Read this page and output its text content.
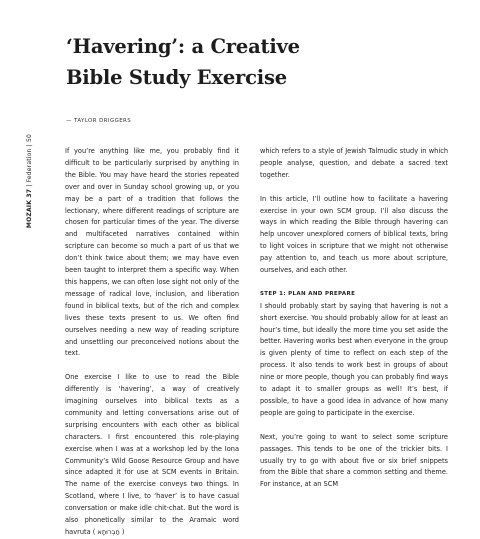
‘Havering’: a Creative
Bible Study Exercise
— TAYLOR DRIGGERS
MOZAIK 37 | Federation | 50

If you’re anything like me, you probably find it difficult to be particularly surprised by anything in the Bible. You may have heard the stories repeated over and over in Sunday school growing up, or you may be a part of a tradition that follows the lectionary, where different readings of scripture are chosen for particular times of the year. The diverse and multifaceted narratives contained within scripture can become so much a part of us that we don’t think twice about them; we may have even been taught to interpret them a specific way. When this happens, we can often lose sight not only of the message of radical love, inclusion, and liberation found in biblical texts, but of the rich and complex lives these texts present to us. We often find ourselves needing a new way of reading scripture and unsettling our preconceived notions about the text.

One exercise I like to use to read the Bible differently is ‘havering’, a way of creatively imagining ourselves into biblical texts as a community and letting conversations arise out of surprising encounters with each other as biblical characters. I first encountered this role-playing exercise when I was at a workshop led by the Iona Community’s Wild Goose Resource Group and have since adapted it for use at SCM events in Britain. The name of the exercise conveys two things. In Scotland, where I live, to ‘haver’ is to have casual conversation or make idle chit-chat. But the word is also phonetically similar to the Aramaic word havruta ( חַבְרוּתָא )

which refers to a style of Jewish Talmudic study in which people analyse, question, and debate a sacred text together.

In this article, I’ll outline how to facilitate a havering exercise in your own SCM group. I’ll also discuss the ways in which reading the Bible through havering can help uncover unexplored corners of biblical texts, bring to light voices in scripture that we might not otherwise pay attention to, and teach us more about scripture, ourselves, and each other.

STEP 1: PLAN AND PREPARE

I should probably start by saying that havering is not a short exercise. You should probably allow for at least an hour’s time, but ideally the more time you set aside the better. Havering works best when everyone in the group is given plenty of time to reflect on each step of the process. It also tends to work best in groups of about nine or more people, though you can probably find ways to adapt it to smaller groups as well! It’s best, if possible, to have a good idea in advance of how many people are going to participate in the exercise.

Next, you’re going to want to select some scripture passages. This tends to be one of the trickier bits. I usually try to go with about five or six brief snippets from the Bible that share a common setting and theme. For instance, at an SCM
